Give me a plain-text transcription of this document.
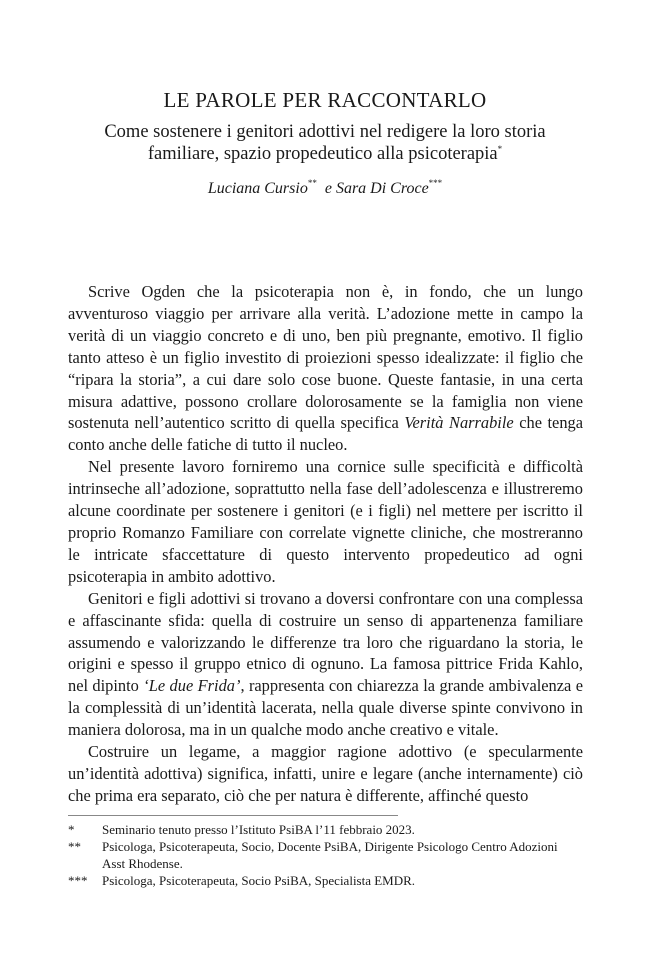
LE PAROLE PER RACCONTARLO
Come sostenere i genitori adottivi nel redigere la loro storia
familiare, spazio propedeutico alla psicoterapia*
Luciana Cursio** e Sara Di Croce***

Scrive Ogden che la psicoterapia non è, in fondo, che un lungo avventuroso viaggio per arrivare alla verità. L’adozione mette in campo la verità di un viaggio concreto e di uno, ben più pregnante, emotivo. Il figlio tanto atteso è un figlio investito di proiezioni spesso idealizzate: il figlio che “ripara la storia”, a cui dare solo cose buone. Queste fantasie, in una certa misura adattive, possono crollare dolorosamente se la famiglia non viene sostenuta nell’autentico scritto di quella specifica Verità Narrabile che tenga conto anche delle fatiche di tutto il nucleo.

Nel presente lavoro forniremo una cornice sulle specificità e difficoltà intrinseche all’adozione, soprattutto nella fase dell’adolescenza e illustreremo alcune coordinate per sostenere i genitori (e i figli) nel mettere per iscritto il proprio Romanzo Familiare con correlate vignette cliniche, che mostreranno le intricate sfaccettature di questo intervento propedeutico ad ogni psicoterapia in ambito adottivo.

Genitori e figli adottivi si trovano a doversi confrontare con una complessa e affascinante sfida: quella di costruire un senso di appartenenza familiare assumendo e valorizzando le differenze tra loro che riguardano la storia, le origini e spesso il gruppo etnico di ognuno. La famosa pittrice Frida Kahlo, nel dipinto ‘Le due Frida’, rappresenta con chiarezza la grande ambivalenza e la complessità di un’identità lacerata, nella quale diverse spinte convivono in maniera dolorosa, ma in un qualche modo anche creativo e vitale.

Costruire un legame, a maggior ragione adottivo (e specularmente un’identità adottiva) significa, infatti, unire e legare (anche internamente) ciò che prima era separato, ciò che per natura è differente, affinché questo

*	Seminario tenuto presso l’Istituto PsiBA l’11 febbraio 2023.
**	Psicologa, Psicoterapeuta, Socio, Docente PsiBA, Dirigente Psicologo Centro Adozioni Asst Rhodense.
***	Psicologa, Psicoterapeuta, Socio PsiBA, Specialista EMDR.
